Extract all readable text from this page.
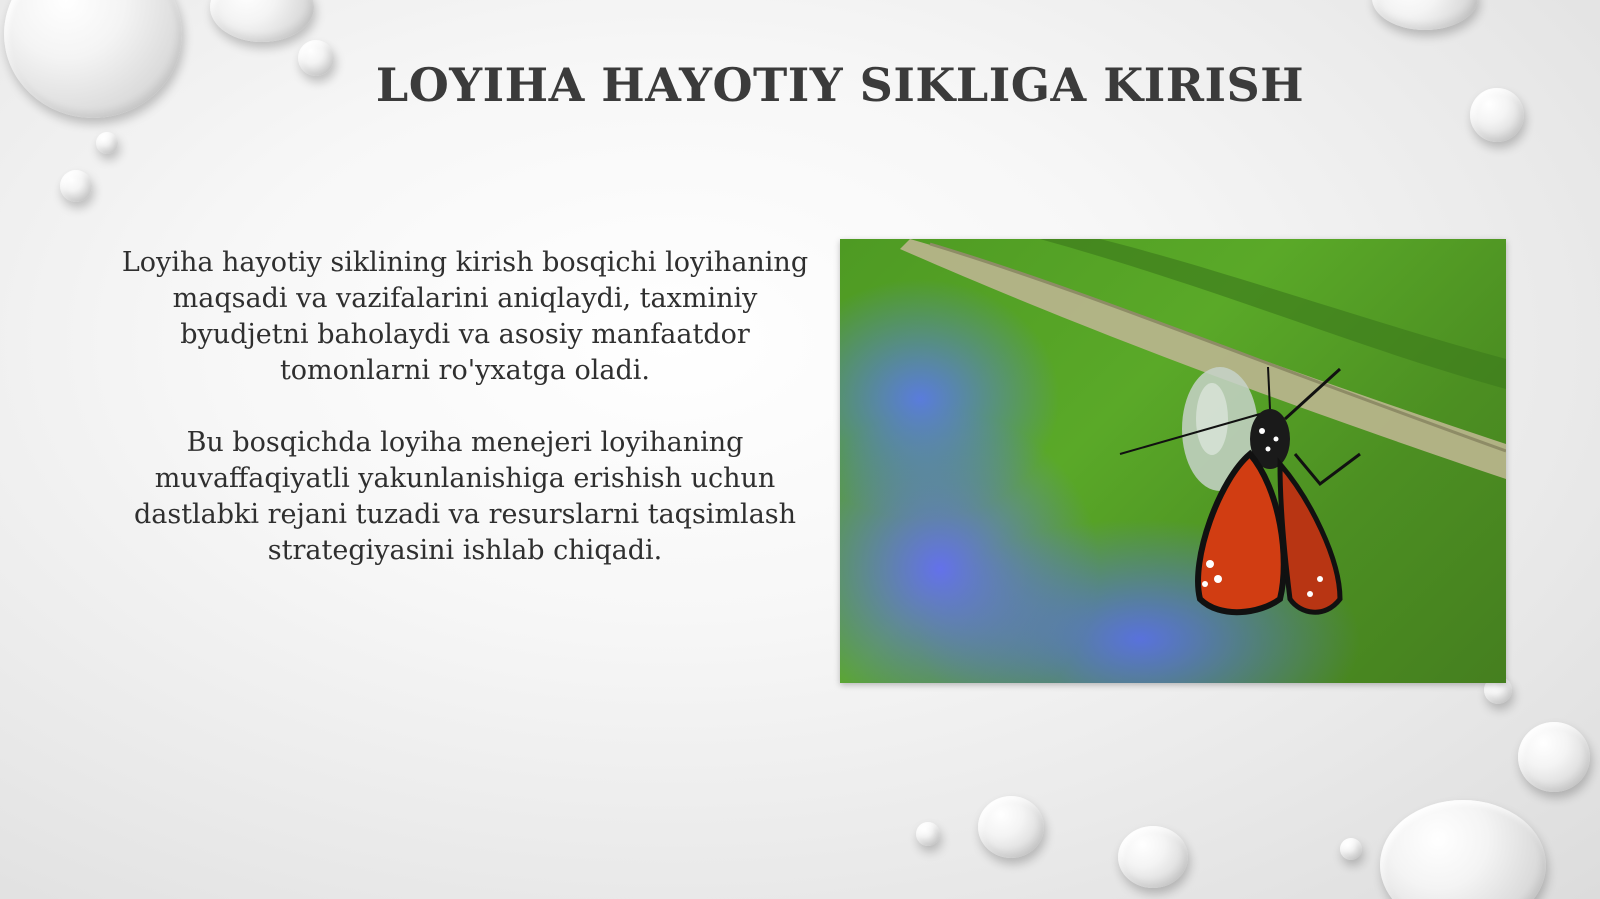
LOYIHA HAYOTIY SIKLIGA KIRISH

Loyiha hayotiy siklining kirish bosqichi loyihaning maqsadi va vazifalarini aniqlaydi, taxminiy byudjetni baholaydi va asosiy manfaatdor tomonlarni ro'yxatga oladi.

Bu bosqichda loyiha menejeri loyihaning muvaffaqiyatli yakunlanishiga erishish uchun dastlabki rejani tuzadi va resurslarni taqsimlash strategiyasini ishlab chiqadi.
